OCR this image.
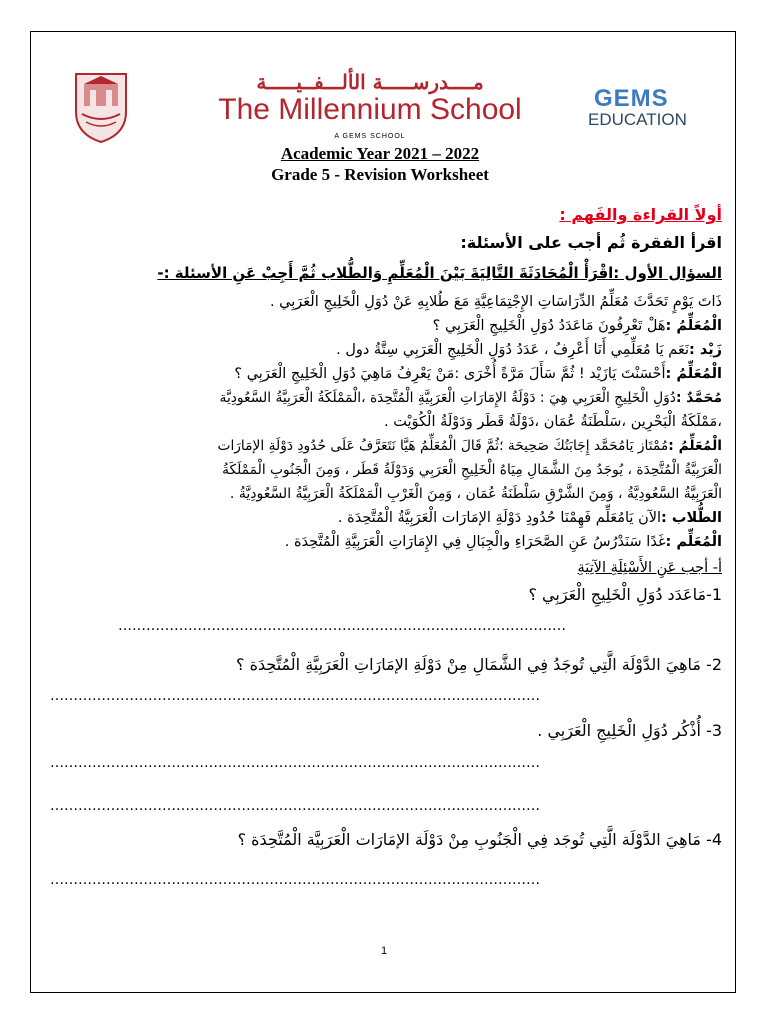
مــــدرســـــة الألـــفــيـــــة
The Millennium School
A GEMS SCHOOL
GEMS
EDUCATION
Academic Year 2021 – 2022
Grade 5 - Revision Worksheet
أولاً القراءة والفَهم :
اقرأ الفقرة ثُم أجب على الأسئلة:
السؤال الأول :اقْرَأْ الْمُحَادَثَةَ التَّالِيَةَ بَيْنَ الْمُعَلِّمِ وَالطُّلاب ثُمَّ أَجِبْ عَنِ الأسئلة :-
ذَاتَ يَوْمٍ تَحَدَّثَ مُعَلِّمُ الدِّرَاسَاتِ الإِجْتِمَاعِيَّةِ مَعَ طُلابِهِ عَنْ دُوَلِ الْخَلِيجِ الْعَرَبِي .
الْمُعَلِّمُ :هَلْ تَعْرِفُونَ مَاعَدَدُ دُوَلِ الْخَلِيجِ الْعَرَبِي ؟
زَيْد :نَعَم يَا مُعَلِّمِي أَنَا أَعْرِفُ ، عَدَدُ دُوَلِ الْخَلِيجِ الْعَرَبِي سِتَّةُ دول .
الْمُعَلِّمُ :أَحْسَنْتَ يَازَيْد ! ثُمَّ سَأَلَ مَرَّةً أُخْرَى :مَنْ يَعْرِفُ مَاهِيَ دُوَلِ الْخَلِيجِ الْعَرَبِي ؟
مُحَمَّدٌ :دُوَلِ الْخَلِيجِ الْعَرَبِي هِيَ : دَوْلَةُ الإِمَارَاتِ الْعَرَبِيَّةِ الْمُتَّحِدَة ،الْمَمْلَكَةُ الْعَرَبِيَّةُ السَّعُودِيَّة
،مَمْلَكَةُ الْبَحْرِين ،سَلْطَنَةُ عُمَان ،دَوْلَةُ قَطَر وَدَوْلَةُ الْكُوَيْت .
الْمُعَلِّمُ :مُمْتَاز يَامُحَمَّد إِجَابَتُكَ صَحِيحَة ؛ثُمَّ قَالَ الْمُعَلِّمُ هَيَّا نَتَعَرَّفُ عَلَى حُدُودِ دَوْلَةِ الإمَارَات
الْعَرَبِيَّةُ الْمُتَّحِدَة ، يُوجَدُ مِنَ الشَّمَالِ مِيَاهُ الْخَلِيجِ الْعَرَبِي وَدَوْلَةُ قَطَر ، وَمِنَ الْجَنُوبِ الْمَمْلَكَةُ
الْعَرَبِيَّةُ السَّعُودِيَّةُ ، وَمِنَ الشَّرْقِ سَلْطَنَةُ عُمَان ، وَمِنَ الْغَرْبِ الْمَمْلَكَةُ الْعَرَبِيَّةُ السَّعُودِيَّةُ .
الطُّلاب :الآن يَامُعَلِّم فَهِمْنَا حُدُودِ دَوْلَةِ الإمَارَات الْعَرَبِيَّةُ الْمُتَّحِدَة .
الْمُعَلِّم :غَدًا سَنَدْرُسُ عَنِ الصَّحَرَاءِ والْجِبَالِ فِي الإِمَارَاتِ الْعَرَبِيَّةِ الْمُتَّحِدَة .
أ- أجب عَنِ الأَسْئِلَةِ الآتِيَةِ
1-مَاعَدَد دُوَلِ الْخَلِيجِ الْعَرَبِي ؟
……………………………………………………………………………………
2- مَاهِيَ الدَّوْلَة الَّتِي تُوجَدُ فِي الشَّمَالِ مِنْ دَوْلَةِ الإمَارَاتِ الْعَرَبِيَّةِ الْمُتَّحِدَة ؟
……………………………………………………………………………………………
3- أُذْكُر دُوَلِ الْخَلِيجِ الْعَرَبِي .
……………………………………………………………………………………………
……………………………………………………………………………………………
4- مَاهِيَ الدَّوْلَة الَّتِي تُوجَد فِي الْجَنُوبِ مِنْ دَوْلَة الإمَارَات الْعَرَبِيَّة الْمُتَّحِدَة ؟
……………………………………………………………………………………………
1
